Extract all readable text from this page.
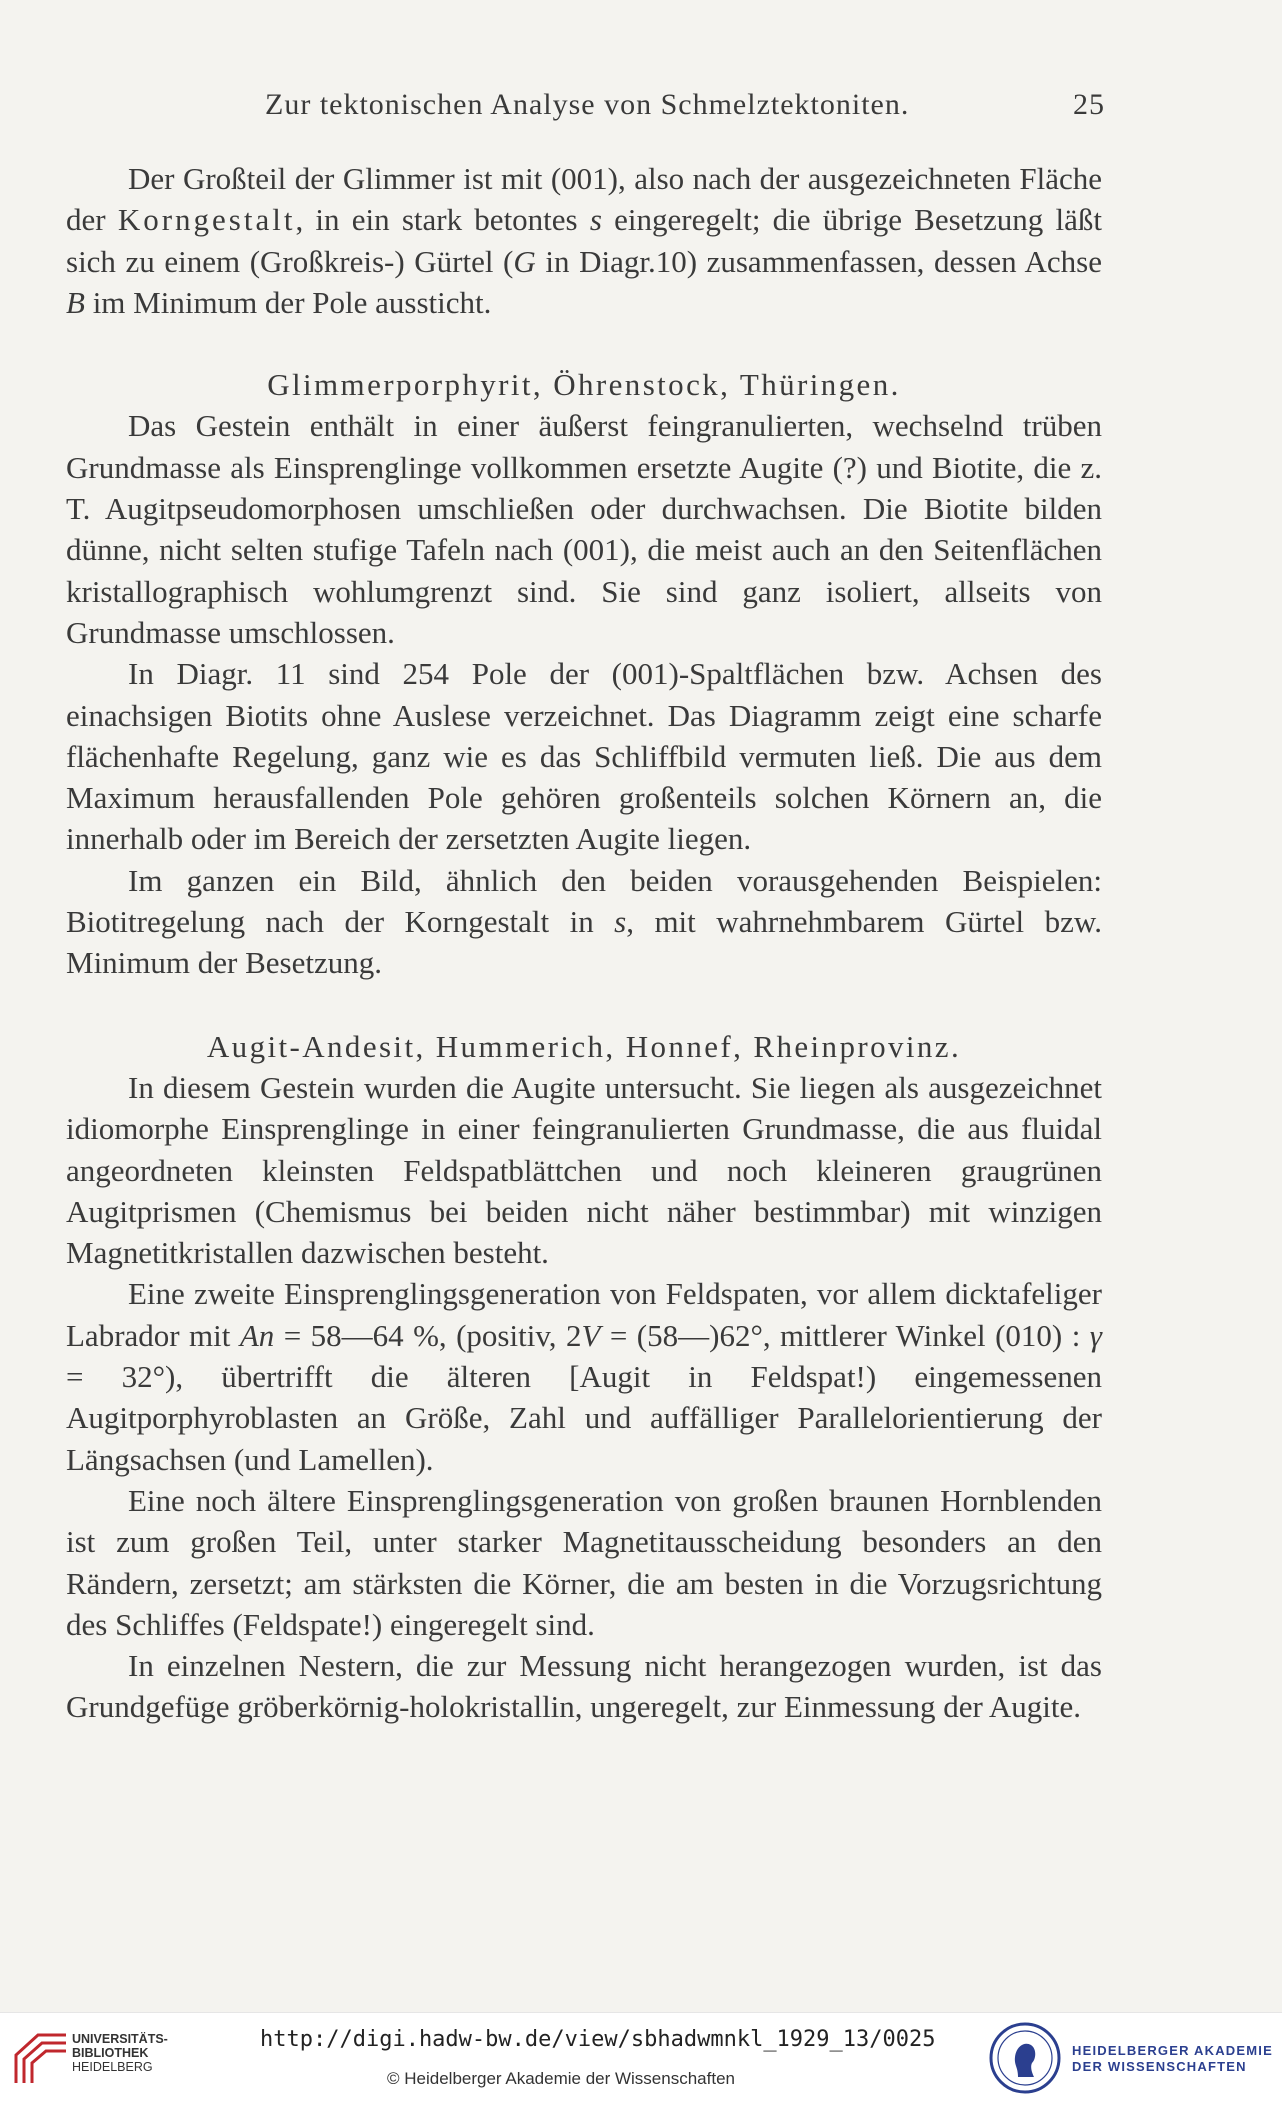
Zur tektonischen Analyse von Schmelztektoniten.	25

Der Großteil der Glimmer ist mit (001), also nach der ausgezeichneten Fläche der Korngestalt, in ein stark betontes s eingeregelt; die übrige Besetzung läßt sich zu einem (Großkreis-) Gürtel (G in Diagr.10) zusammenfassen, dessen Achse B im Minimum der Pole aussticht.

Glimmerporphyrit, Öhrenstock, Thüringen.

Das Gestein enthält in einer äußerst feingranulierten, wechselnd trüben Grundmasse als Einsprenglinge vollkommen ersetzte Augite (?) und Biotite, die z. T. Augitpseudomorphosen umschließen oder durchwachsen. Die Biotite bilden dünne, nicht selten stufige Tafeln nach (001), die meist auch an den Seitenflächen kristallographisch wohlumgrenzt sind. Sie sind ganz isoliert, allseits von Grundmasse umschlossen.

In Diagr. 11 sind 254 Pole der (001)-Spaltflächen bzw. Achsen des einachsigen Biotits ohne Auslese verzeichnet. Das Diagramm zeigt eine scharfe flächenhafte Regelung, ganz wie es das Schliffbild vermuten ließ. Die aus dem Maximum herausfallenden Pole gehören großenteils solchen Körnern an, die innerhalb oder im Bereich der zersetzten Augite liegen.

Im ganzen ein Bild, ähnlich den beiden vorausgehenden Beispielen: Biotitregelung nach der Korngestalt in s, mit wahrnehmbarem Gürtel bzw. Minimum der Besetzung.

Augit-Andesit, Hummerich, Honnef, Rheinprovinz.

In diesem Gestein wurden die Augite untersucht. Sie liegen als ausgezeichnet idiomorphe Einsprenglinge in einer feingranulierten Grundmasse, die aus fluidal angeordneten kleinsten Feldspatblättchen und noch kleineren graugrünen Augitprismen (Chemismus bei beiden nicht näher bestimmbar) mit winzigen Magnetitkristallen dazwischen besteht.

Eine zweite Einsprenglingsgeneration von Feldspaten, vor allem dicktafeliger Labrador mit An = 58—64 %, (positiv, 2V = (58—)62°, mittlerer Winkel (010) : γ = 32°), übertrifft die älteren [Augit in Feldspat!) eingemessenen Augitporphyroblasten an Größe, Zahl und auffälliger Parallelorientierung der Längsachsen (und Lamellen).

Eine noch ältere Einsprenglingsgeneration von großen braunen Hornblenden ist zum großen Teil, unter starker Magnetitausscheidung besonders an den Rändern, zersetzt; am stärksten die Körner, die am besten in die Vorzugsrichtung des Schliffes (Feldspate!) eingeregelt sind.

In einzelnen Nestern, die zur Messung nicht herangezogen wurden, ist das Grundgefüge gröberkörnig-holokristallin, ungeregelt, zur Einmessung der Augite.

UNIVERSITÄTS-
BIBLIOTHEK
HEIDELBERG
http://digi.hadw-bw.de/view/sbhadwmnkl_1929_13/0025
© Heidelberger Akademie der Wissenschaften
HEIDELBERGER AKADEMIE
DER WISSENSCHAFTEN
